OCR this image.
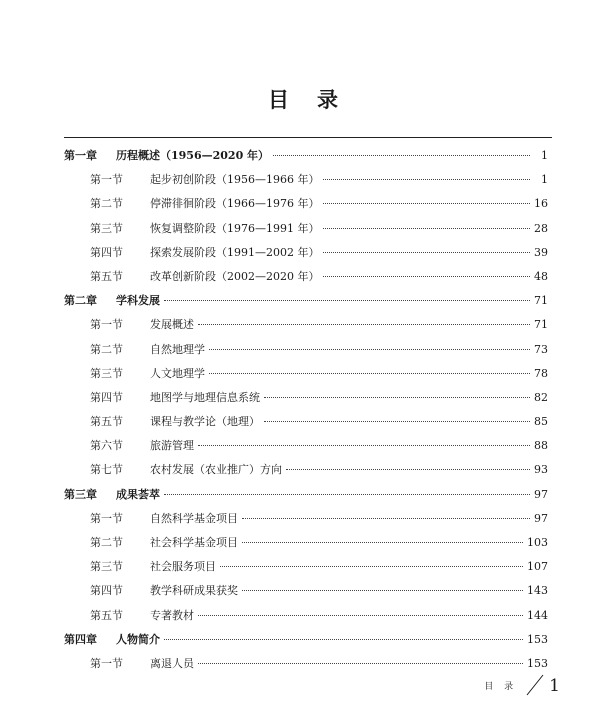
目 录
第一章	历程概述（1956—2020 年）	1
第一节	起步初创阶段（1956—1966 年）	1
第二节	停滞徘徊阶段（1966—1976 年）	16
第三节	恢复调整阶段（1976—1991 年）	28
第四节	探索发展阶段（1991—2002 年）	39
第五节	改革创新阶段（2002—2020 年）	48
第二章	学科发展	71
第一节	发展概述	71
第二节	自然地理学	73
第三节	人文地理学	78
第四节	地图学与地理信息系统	82
第五节	课程与教学论（地理）	85
第六节	旅游管理	88
第七节	农村发展（农业推广）方向	93
第三章	成果荟萃	97
第一节	自然科学基金项目	97
第二节	社会科学基金项目	103
第三节	社会服务项目	107
第四节	教学科研成果获奖	143
第五节	专著教材	144
第四章	人物简介	153
第一节	离退人员	153
目 录 1
